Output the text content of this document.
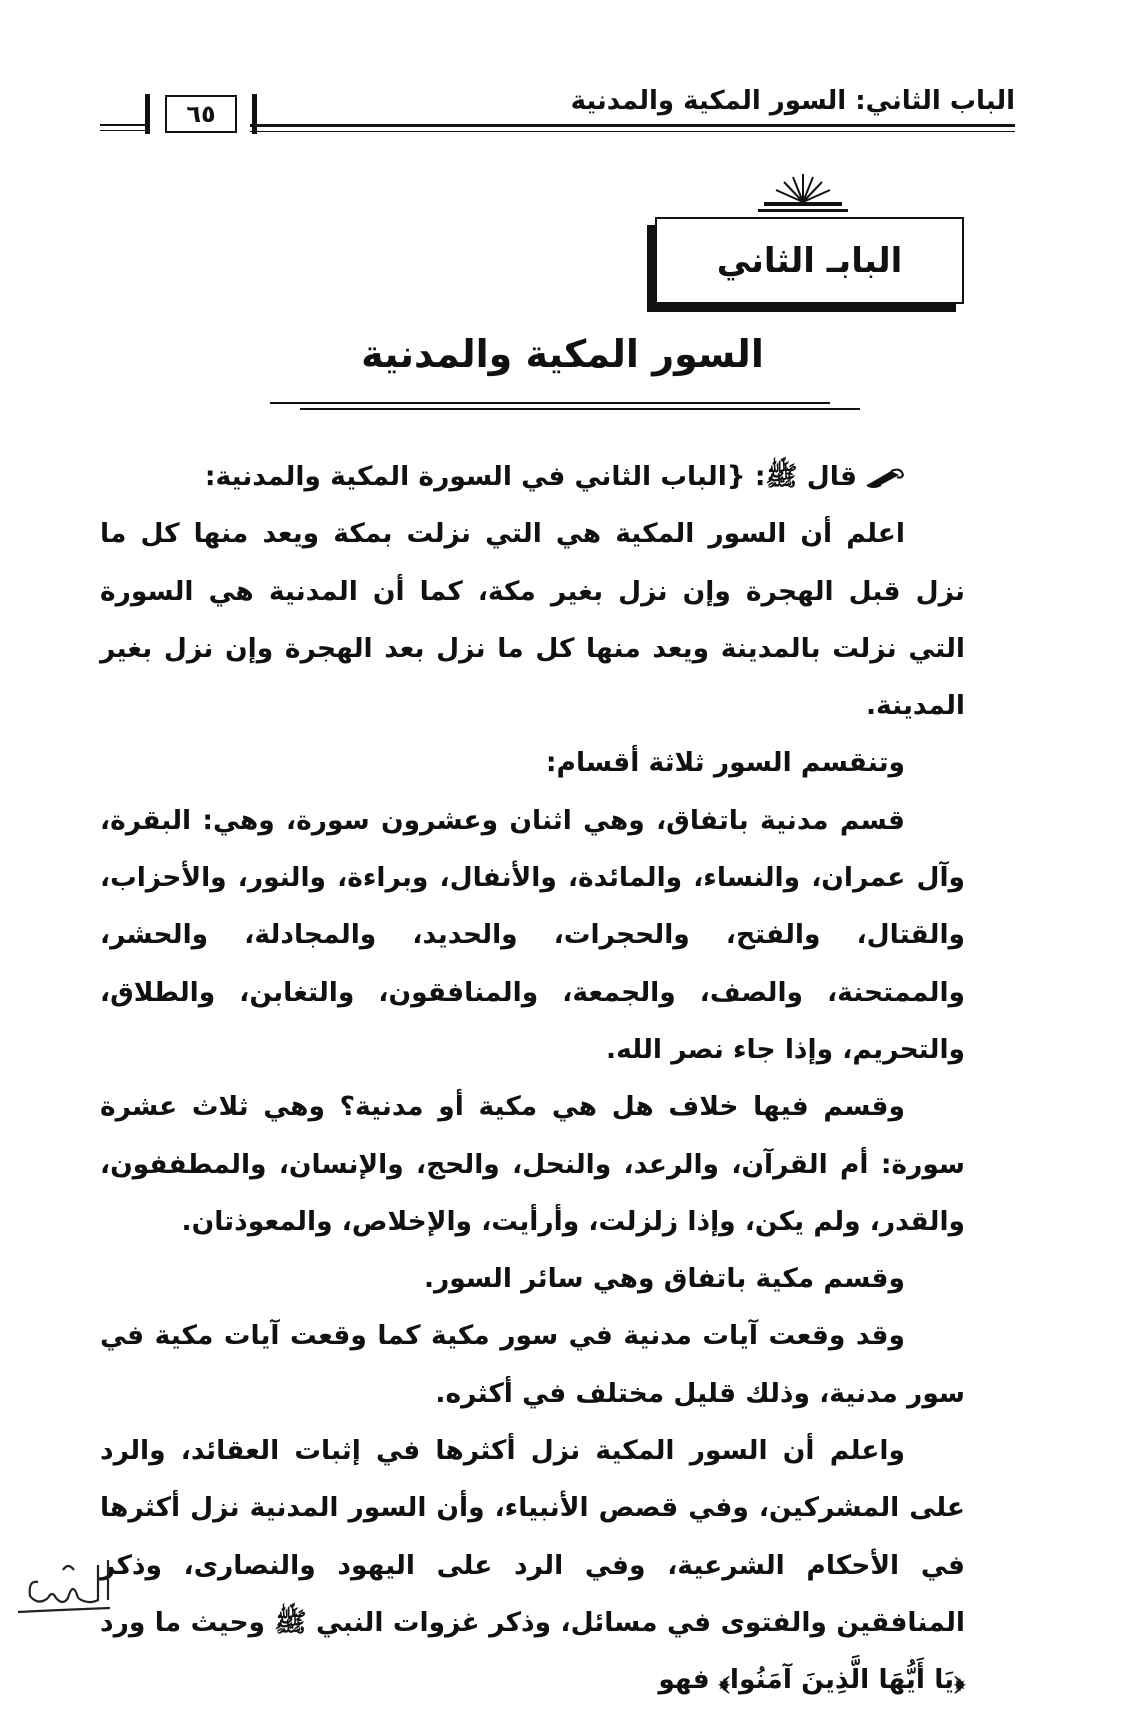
الباب الثاني: السور المكية والمدنية
٦٥
البابـ الثاني
السور المكية والمدنية

قال ﷺ: {الباب الثاني في السورة المكية والمدنية:

اعلم أن السور المكية هي التي نزلت بمكة ويعد منها كل ما نزل قبل الهجرة وإن نزل بغير مكة، كما أن المدنية هي السورة التي نزلت بالمدينة ويعد منها كل ما نزل بعد الهجرة وإن نزل بغير المدينة.

وتنقسم السور ثلاثة أقسام:

قسم مدنية باتفاق، وهي اثنان وعشرون سورة، وهي: البقرة، وآل عمران، والنساء، والمائدة، والأنفال، وبراءة، والنور، والأحزاب، والقتال، والفتح، والحجرات، والحديد، والمجادلة، والحشر، والممتحنة، والصف، والجمعة، والمنافقون، والتغابن، والطلاق، والتحريم، وإذا جاء نصر الله.

وقسم فيها خلاف هل هي مكية أو مدنية؟ وهي ثلاث عشرة سورة: أم القرآن، والرعد، والنحل، والحج، والإنسان، والمطففون، والقدر، ولم يكن، وإذا زلزلت، وأرأيت، والإخلاص، والمعوذتان.

وقسم مكية باتفاق وهي سائر السور.

وقد وقعت آيات مدنية في سور مكية كما وقعت آيات مكية في سور مدنية، وذلك قليل مختلف في أكثره.

واعلم أن السور المكية نزل أكثرها في إثبات العقائد، والرد على المشركين، وفي قصص الأنبياء، وأن السور المدنية نزل أكثرها في الأحكام الشرعية، وفي الرد على اليهود والنصارى، وذكر المنافقين والفتوى في مسائل، وذكر غزوات النبي ﷺ وحيث ما ورد ﴿يَا أَيُّهَا الَّذِينَ آمَنُوا﴾ فهو
